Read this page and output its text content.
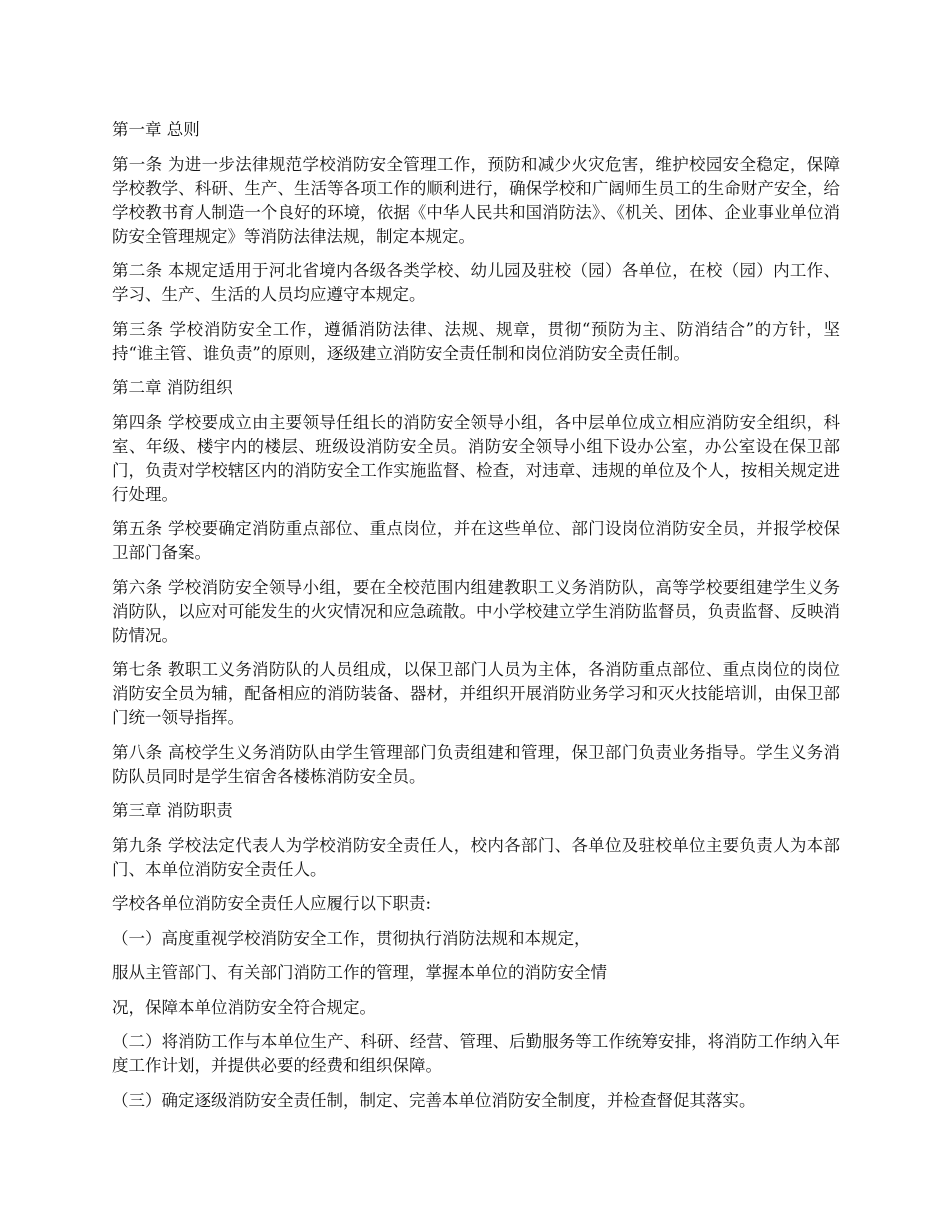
第一章 总则
第一条 为进一步法律规范学校消防安全管理工作，预防和减少火灾危害，维护校园安全稳定，保障学校教学、科研、生产、生活等各项工作的顺利进行，确保学校和广阔师生员工的生命财产安全，给学校教书育人制造一个良好的环境，依据《中华人民共和国消防法》、《机关、团体、企业事业单位消防安全管理规定》等消防法律法规，制定本规定。
第二条 本规定适用于河北省境内各级各类学校、幼儿园及驻校（园）各单位，在校（园）内工作、学习、生产、生活的人员均应遵守本规定。
第三条 学校消防安全工作，遵循消防法律、法规、规章，贯彻“预防为主、防消结合”的方针，坚持“谁主管、谁负责”的原则，逐级建立消防安全责任制和岗位消防安全责任制。
第二章 消防组织
第四条 学校要成立由主要领导任组长的消防安全领导小组，各中层单位成立相应消防安全组织，科室、年级、楼宇内的楼层、班级设消防安全员。消防安全领导小组下设办公室，办公室设在保卫部门，负责对学校辖区内的消防安全工作实施监督、检查，对违章、违规的单位及个人，按相关规定进行处理。
第五条 学校要确定消防重点部位、重点岗位，并在这些单位、部门设岗位消防安全员，并报学校保卫部门备案。
第六条 学校消防安全领导小组，要在全校范围内组建教职工义务消防队，高等学校要组建学生义务消防队，以应对可能发生的火灾情况和应急疏散。中小学校建立学生消防监督员，负责监督、反映消防情况。
第七条 教职工义务消防队的人员组成，以保卫部门人员为主体，各消防重点部位、重点岗位的岗位消防安全员为辅，配备相应的消防装备、器材，并组织开展消防业务学习和灭火技能培训，由保卫部门统一领导指挥。
第八条 高校学生义务消防队由学生管理部门负责组建和管理，保卫部门负责业务指导。学生义务消防队员同时是学生宿舍各楼栋消防安全员。
第三章 消防职责
第九条 学校法定代表人为学校消防安全责任人，校内各部门、各单位及驻校单位主要负责人为本部门、本单位消防安全责任人。
学校各单位消防安全责任人应履行以下职责:
（一）高度重视学校消防安全工作，贯彻执行消防法规和本规定，
服从主管部门、有关部门消防工作的管理，掌握本单位的消防安全情
况，保障本单位消防安全符合规定。
（二）将消防工作与本单位生产、科研、经营、管理、后勤服务等工作统筹安排，将消防工作纳入年度工作计划，并提供必要的经费和组织保障。
（三）确定逐级消防安全责任制，制定、完善本单位消防安全制度，并检查督促其落实。
